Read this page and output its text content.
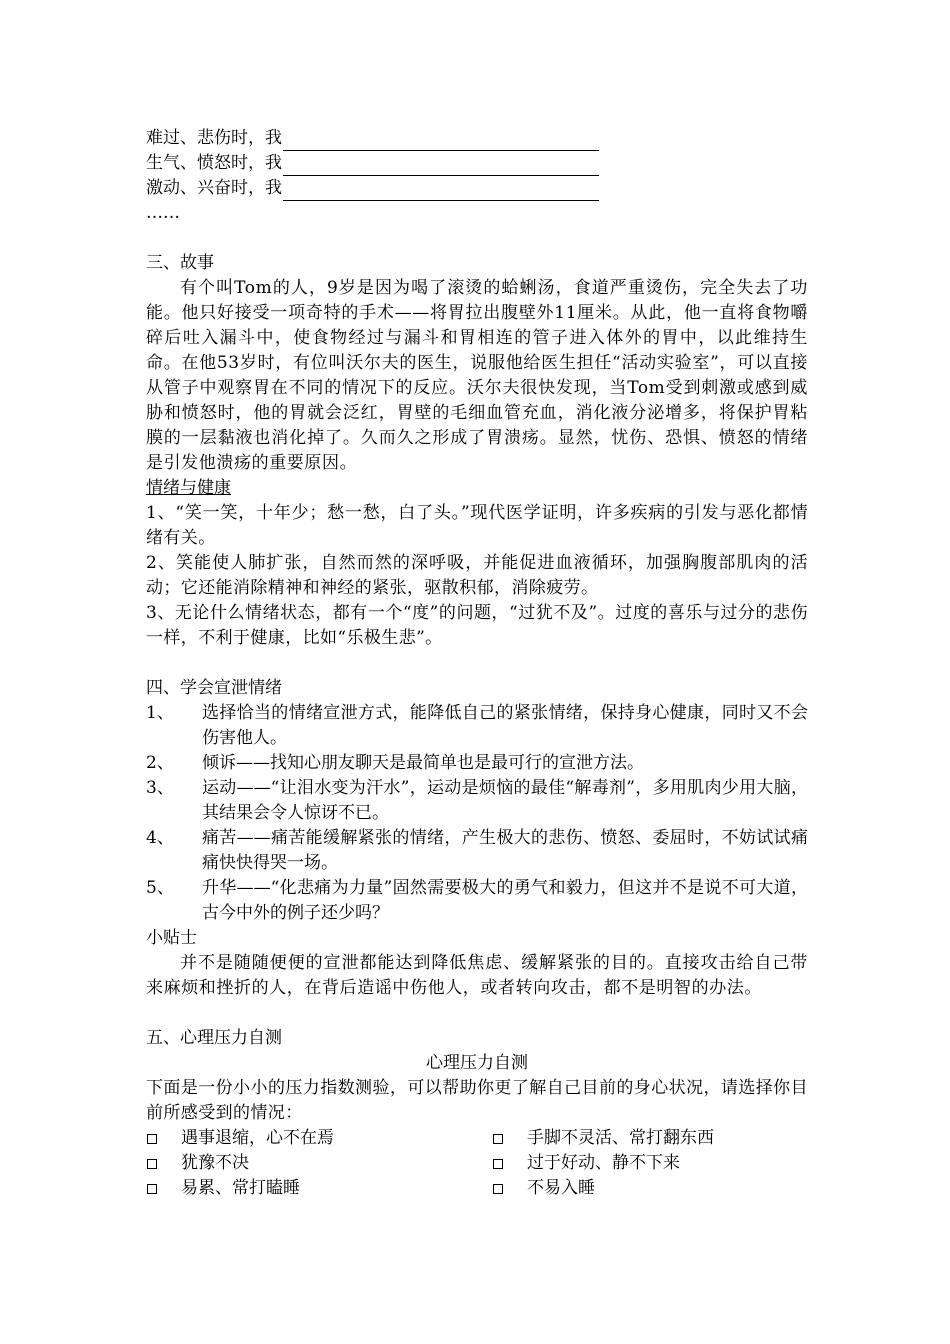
难过、悲伤时，我
生气、愤怒时，我
激动、兴奋时，我
……
三、故事
有个叫Tom的人，9岁是因为喝了滚烫的蛤蜊汤，食道严重烫伤，完全失去了功能。他只好接受一项奇特的手术——将胃拉出腹壁外11厘米。从此，他一直将食物嚼碎后吐入漏斗中，使食物经过与漏斗和胃相连的管子进入体外的胃中，以此维持生命。在他53岁时，有位叫沃尔夫的医生，说服他给医生担任“活动实验室”，可以直接从管子中观察胃在不同的情况下的反应。沃尔夫很快发现，当Tom受到刺激或感到威胁和愤怒时，他的胃就会泛红，胃壁的毛细血管充血，消化液分泌增多，将保护胃粘膜的一层黏液也消化掉了。久而久之形成了胃溃疡。显然，忧伤、恐惧、愤怒的情绪是引发他溃疡的重要原因。
情绪与健康
1、“笑一笑，十年少；愁一愁，白了头。”现代医学证明，许多疾病的引发与恶化都情绪有关。
2、笑能使人肺扩张，自然而然的深呼吸，并能促进血液循环，加强胸腹部肌肉的活动；它还能消除精神和神经的紧张，驱散积郁，消除疲劳。
3、无论什么情绪状态，都有一个“度”的问题，“过犹不及”。过度的喜乐与过分的悲伤一样，不利于健康，比如“乐极生悲”。
四、学会宣泄情绪
1、	选择恰当的情绪宣泄方式，能降低自己的紧张情绪，保持身心健康，同时又不会伤害他人。
2、	倾诉——找知心朋友聊天是最简单也是最可行的宣泄方法。
3、	运动——“让泪水变为汗水”，运动是烦恼的最佳“解毒剂”，多用肌肉少用大脑，其结果会令人惊讶不已。
4、	痛苦——痛苦能缓解紧张的情绪，产生极大的悲伤、愤怒、委屈时，不妨试试痛痛快快得哭一场。
5、	升华——“化悲痛为力量”固然需要极大的勇气和毅力，但这并不是说不可大道，古今中外的例子还少吗？
小贴士
并不是随随便便的宣泄都能达到降低焦虑、缓解紧张的目的。直接攻击给自己带来麻烦和挫折的人，在背后造谣中伤他人，或者转向攻击，都不是明智的办法。
五、心理压力自测
心理压力自测
下面是一份小小的压力指数测验，可以帮助你更了解自己目前的身心状况，请选择你目前所感受到的情况：
遇事退缩，心不在焉	手脚不灵活、常打翻东西
犹豫不决	过于好动、静不下来
易累、常打瞌睡	不易入睡
